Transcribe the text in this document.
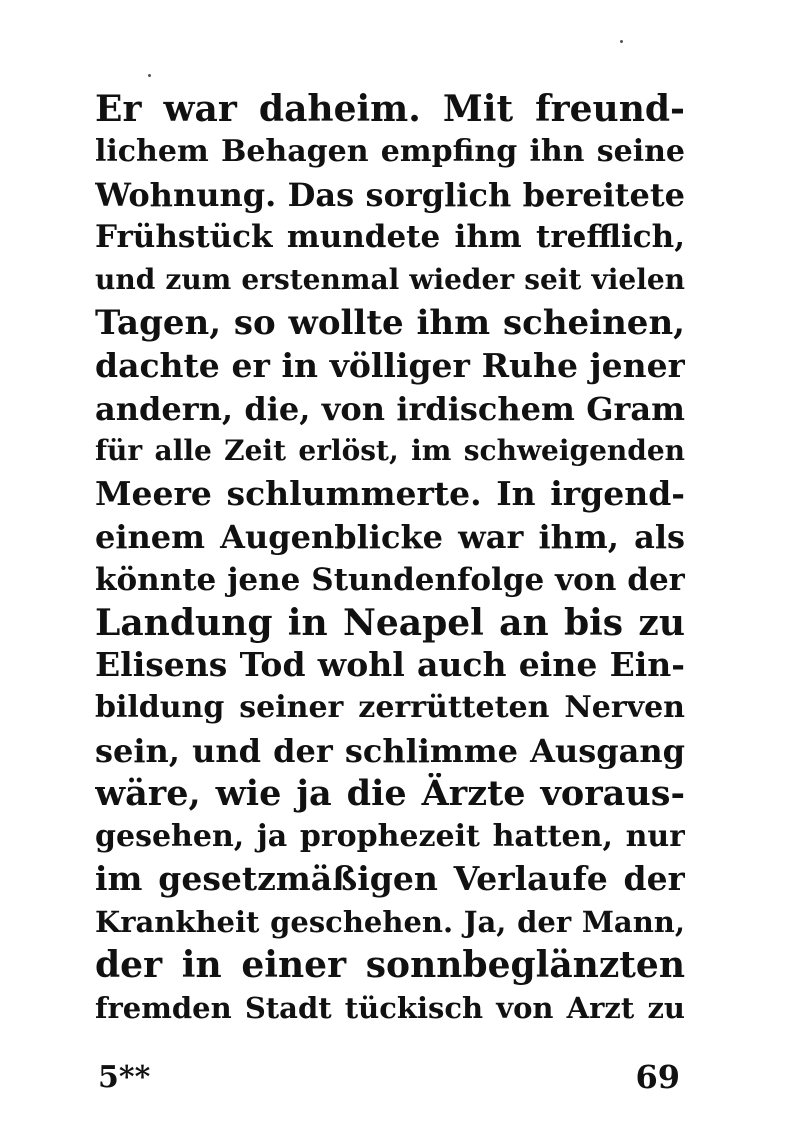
Er war daheim. Mit freund-
lichem Behagen empfing ihn seine
Wohnung. Das sorglich bereitete
Frühstück mundete ihm trefflich,
und zum erstenmal wieder seit vielen
Tagen, so wollte ihm scheinen,
dachte er in völliger Ruhe jener
andern, die, von irdischem Gram
für alle Zeit erlöst, im schweigenden
Meere schlummerte. In irgend-
einem Augenblicke war ihm, als
könnte jene Stundenfolge von der
Landung in Neapel an bis zu
Elisens Tod wohl auch eine Ein-
bildung seiner zerrütteten Nerven
sein, und der schlimme Ausgang
wäre, wie ja die Ärzte voraus-
gesehen, ja prophezeit hatten, nur
im gesetzmäßigen Verlaufe der
Krankheit geschehen. Ja, der Mann,
der in einer sonnbeglänzten
fremden Stadt tückisch von Arzt zu
5**	69
